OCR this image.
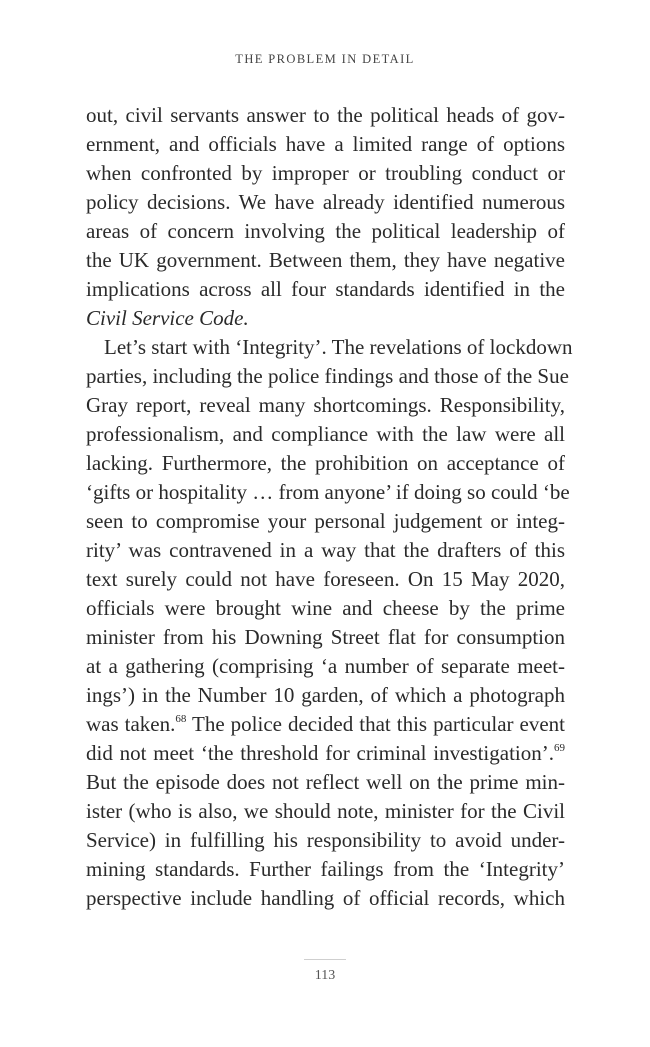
THE PROBLEM IN DETAIL
out, civil servants answer to the political heads of gov-
ernment, and officials have a limited range of options
when confronted by improper or troubling conduct or
policy decisions. We have already identified numerous
areas of concern involving the political leadership of
the UK government. Between them, they have negative
implications across all four standards identified in the
Civil Service Code.
Let’s start with ‘Integrity’. The revelations of lockdown
parties, including the police findings and those of the Sue
Gray report, reveal many shortcomings. Responsibility,
professionalism, and compliance with the law were all
lacking. Furthermore, the prohibition on acceptance of
‘gifts or hospitality … from anyone’ if doing so could ‘be
seen to compromise your personal judgement or integ-
rity’ was contravened in a way that the drafters of this
text surely could not have foreseen. On 15 May 2020,
officials were brought wine and cheese by the prime
minister from his Downing Street flat for consumption
at a gathering (comprising ‘a number of separate meet-
ings’) in the Number 10 garden, of which a photograph
was taken.$^{68}$ The police decided that this particular event
did not meet ‘the threshold for criminal investigation’.$^{69}$
But the episode does not reflect well on the prime min-
ister (who is also, we should note, minister for the Civil
Service) in fulfilling his responsibility to avoid under-
mining standards. Further failings from the ‘Integrity’
perspective include handling of official records, which
113
